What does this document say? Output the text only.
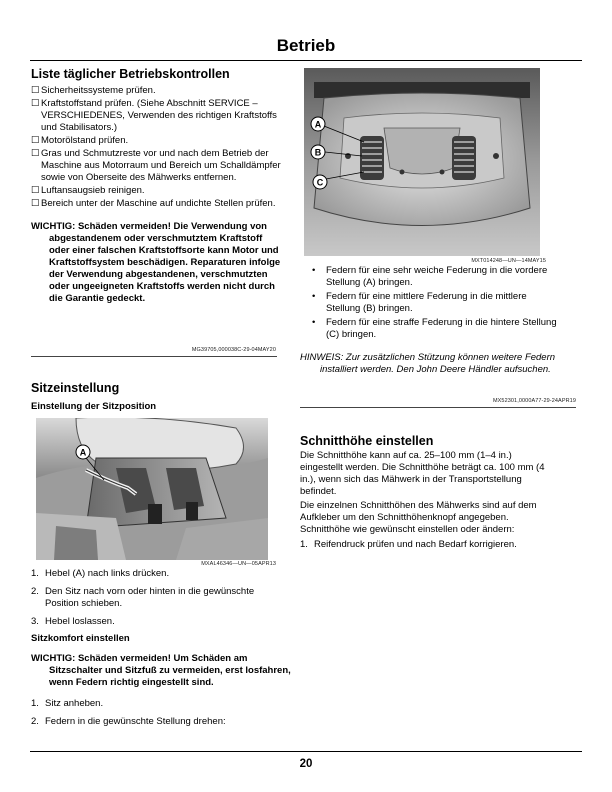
Betrieb
Liste täglicher Betriebskontrollen
☐ Sicherheitssysteme prüfen.
☐ Kraftstoffstand prüfen. (Siehe Abschnitt SERVICE – VERSCHIEDENES, Verwenden des richtigen Kraftstoffs und Stabilisators.)
☐ Motorölstand prüfen.
☐ Gras und Schmutzreste vor und nach dem Betrieb der Maschine aus Motorraum und Bereich um Schalldämpfer sowie von Oberseite des Mähwerks entfernen.
☐ Luftansaugsieb reinigen.
☐ Bereich unter der Maschine auf undichte Stellen prüfen.
WICHTIG: Schäden vermeiden! Die Verwendung von abgestandenem oder verschmutztem Kraftstoff oder einer falschen Kraftstoffsorte kann Motor und Kraftstoffsystem beschädigen. Reparaturen infolge der Verwendung abgestandenen, verschmutzten oder ungeeigneten Kraftstoffs werden nicht durch die Garantie gedeckt.
MG39705,000038C-29-04MAY20
Sitzeinstellung
Einstellung der Sitzposition
A
MXAL46346—UN—05APR13
1. Hebel (A) nach links drücken.
2. Den Sitz nach vorn oder hinten in die gewünschte Position schieben.
3. Hebel loslassen.
Sitzkomfort einstellen
WICHTIG: Schäden vermeiden! Um Schäden am Sitzschalter und Sitzfuß zu vermeiden, erst losfahren, wenn Federn richtig eingestellt sind.
1. Sitz anheben.
2. Federn in die gewünschte Stellung drehen:
A
B
C
MXT014248—UN—14MAY15
•	Federn für eine sehr weiche Federung in die vordere Stellung (A) bringen.
•	Federn für eine mittlere Federung in die mittlere Stellung (B) bringen.
•	Federn für eine straffe Federung in die hintere Stellung (C) bringen.
HINWEIS: Zur zusätzlichen Stützung können weitere Federn installiert werden. Den John Deere Händler aufsuchen.
MX52301,0000A77-29-24APR19
Schnitthöhe einstellen
Die Schnitthöhe kann auf ca. 25–100 mm (1–4 in.) eingestellt werden. Die Schnitthöhe beträgt ca. 100 mm (4 in.), wenn sich das Mähwerk in der Transportstellung befindet.
Die einzelnen Schnitthöhen des Mähwerks sind auf dem Aufkleber um den Schnitthöhenknopf angegeben. Schnitthöhe wie gewünscht einstellen oder ändern:
1. Reifendruck prüfen und nach Bedarf korrigieren.
20
